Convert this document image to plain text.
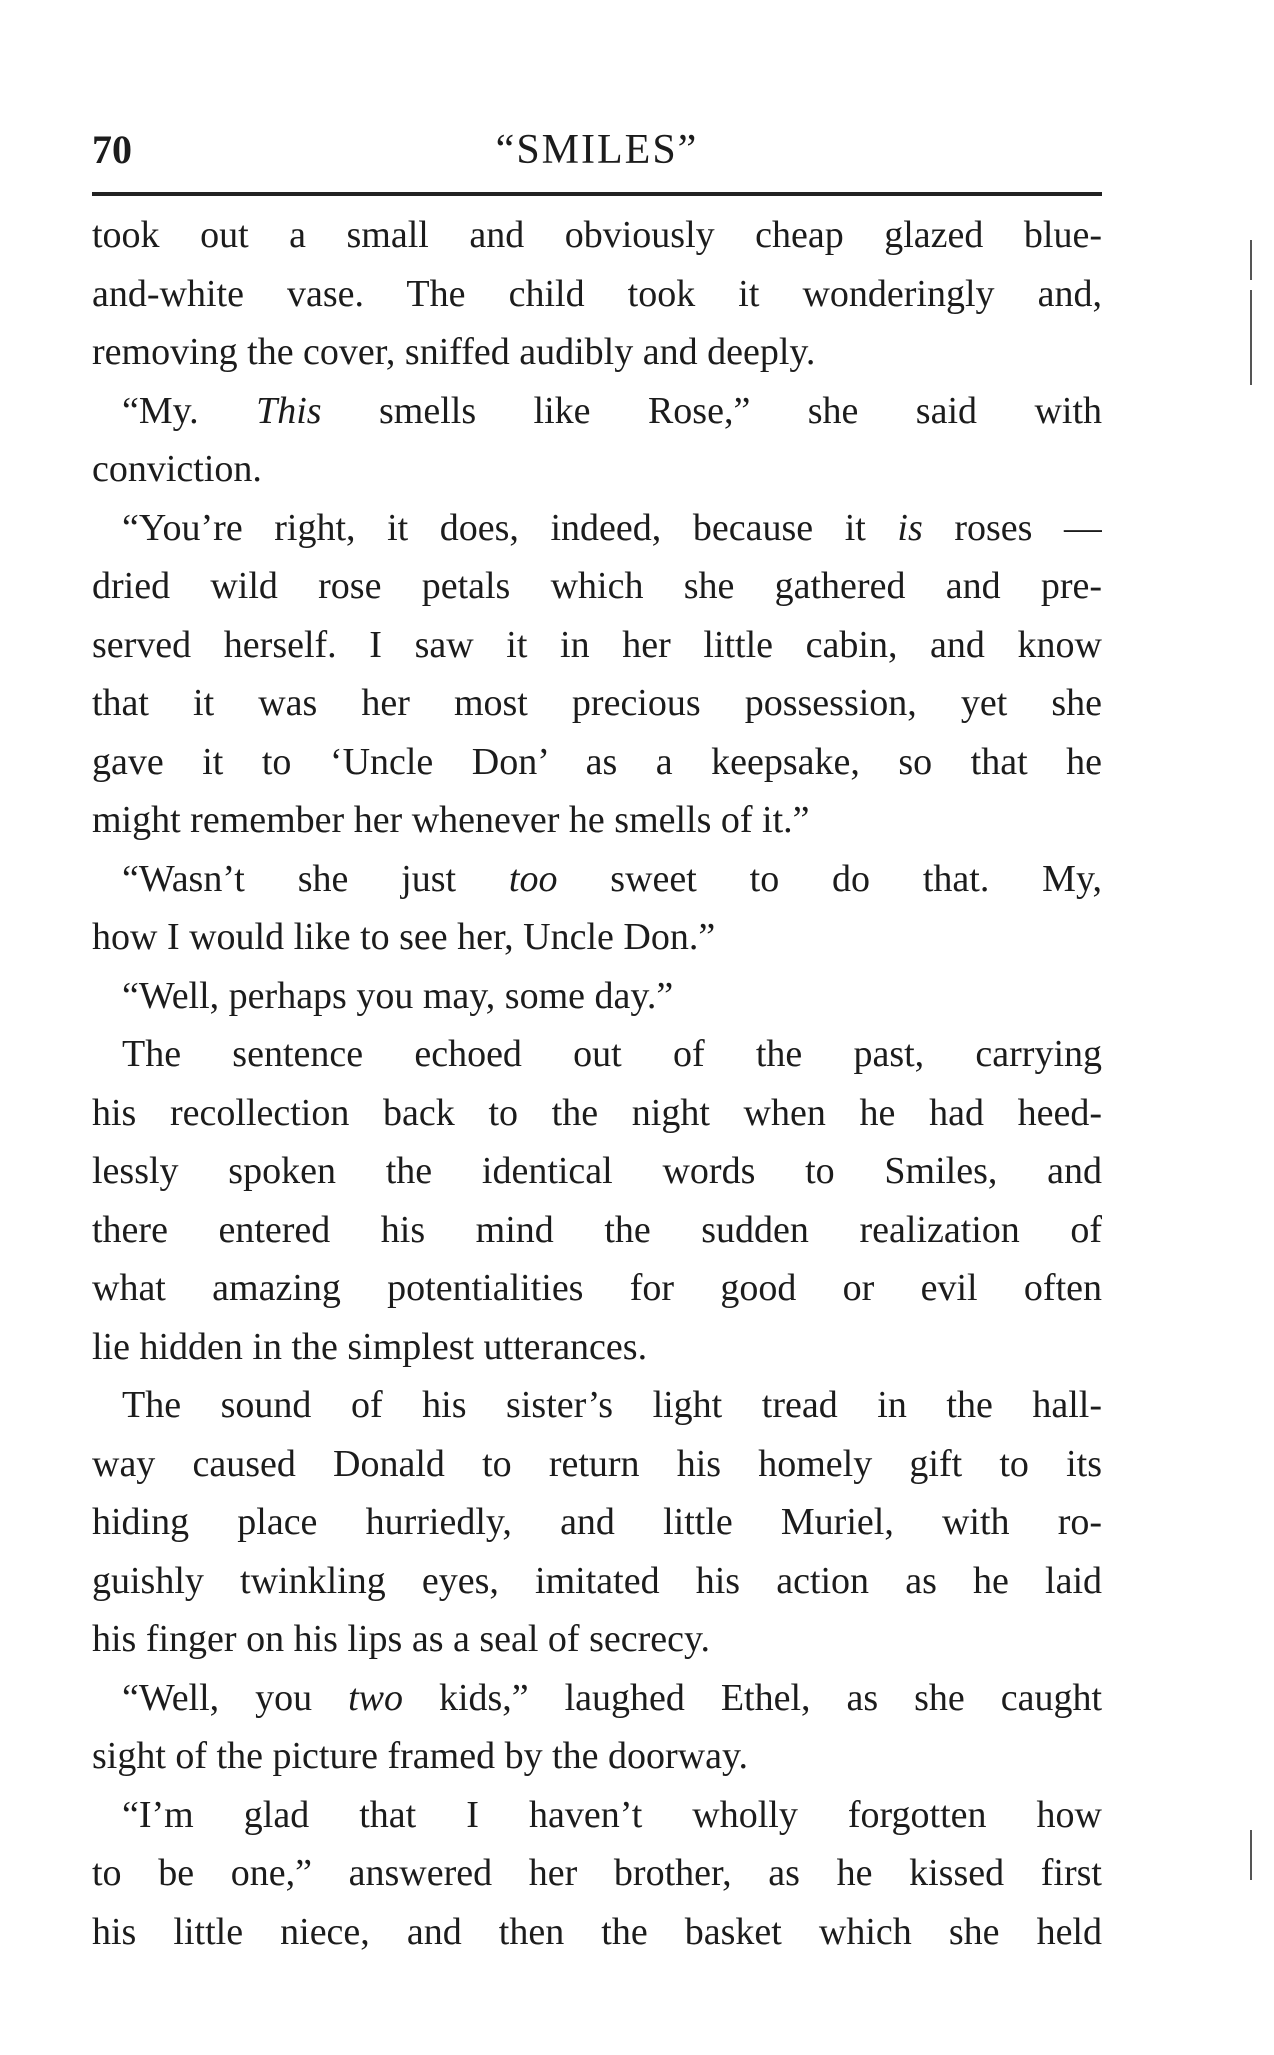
70	“SMILES”
took out a small and obviously cheap glazed blue-
and-white vase. The child took it wonderingly and,
removing the cover, sniffed audibly and deeply.
“My. This smells like Rose,” she said with
conviction.
“You’re right, it does, indeed, because it is roses —
dried wild rose petals which she gathered and pre-
served herself. I saw it in her little cabin, and know
that it was her most precious possession, yet she
gave it to ‘Uncle Don’ as a keepsake, so that he
might remember her whenever he smells of it.”
“Wasn’t she just too sweet to do that. My,
how I would like to see her, Uncle Don.”
“Well, perhaps you may, some day.”
The sentence echoed out of the past, carrying
his recollection back to the night when he had heed-
lessly spoken the identical words to Smiles, and
there entered his mind the sudden realization of
what amazing potentialities for good or evil often
lie hidden in the simplest utterances.
The sound of his sister’s light tread in the hall-
way caused Donald to return his homely gift to its
hiding place hurriedly, and little Muriel, with ro-
guishly twinkling eyes, imitated his action as he laid
his finger on his lips as a seal of secrecy.
“Well, you two kids,” laughed Ethel, as she caught
sight of the picture framed by the doorway.
“I’m glad that I haven’t wholly forgotten how
to be one,” answered her brother, as he kissed first
his little niece, and then the basket which she held
